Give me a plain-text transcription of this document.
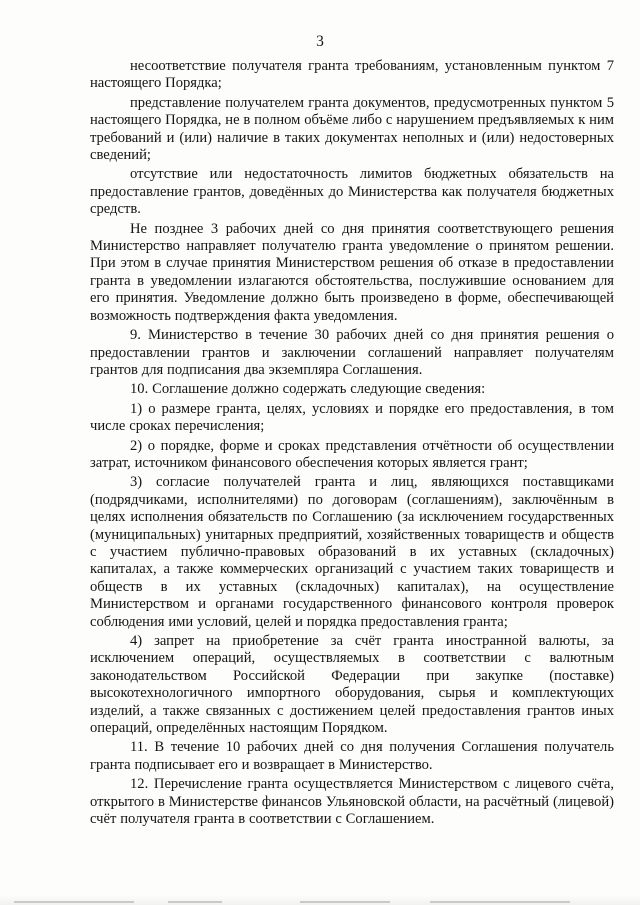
3

несоответствие получателя гранта требованиям, установленным пунктом 7 настоящего Порядка;

представление получателем гранта документов, предусмотренных пунктом 5 настоящего Порядка, не в полном объёме либо с нарушением предъявляемых к ним требований и (или) наличие в таких документах неполных и (или) недостоверных сведений;

отсутствие или недостаточность лимитов бюджетных обязательств на предоставление грантов, доведённых до Министерства как получателя бюджетных средств.

Не позднее 3 рабочих дней со дня принятия соответствующего решения Министерство направляет получателю гранта уведомление о принятом решении. При этом в случае принятия Министерством решения об отказе в предоставлении гранта в уведомлении излагаются обстоятельства, послужившие основанием для его принятия. Уведомление должно быть произведено в форме, обеспечивающей возможность подтверждения факта уведомления.

9. Министерство в течение 30 рабочих дней со дня принятия решения о предоставлении грантов и заключении соглашений направляет получателям грантов для подписания два экземпляра Соглашения.

10. Соглашение должно содержать следующие сведения:

1) о размере гранта, целях, условиях и порядке его предоставления, в том числе сроках перечисления;

2) о порядке, форме и сроках представления отчётности об осуществлении затрат, источником финансового обеспечения которых является грант;

3) согласие получателей гранта и лиц, являющихся поставщиками (подрядчиками, исполнителями) по договорам (соглашениям), заключённым в целях исполнения обязательств по Соглашению (за исключением государственных (муниципальных) унитарных предприятий, хозяйственных товариществ и обществ с участием публично-правовых образований в их уставных (складочных) капиталах, а также коммерческих организаций с участием таких товариществ и обществ в их уставных (складочных) капиталах), на осуществление Министерством и органами государственного финансового контроля проверок соблюдения ими условий, целей и порядка предоставления гранта;

4) запрет на приобретение за счёт гранта иностранной валюты, за исключением операций, осуществляемых в соответствии с валютным законодательством Российской Федерации при закупке (поставке) высокотехнологичного импортного оборудования, сырья и комплектующих изделий, а также связанных с достижением целей предоставления грантов иных операций, определённых настоящим Порядком.

11. В течение 10 рабочих дней со дня получения Соглашения получатель гранта подписывает его и возвращает в Министерство.

12. Перечисление гранта осуществляется Министерством с лицевого счёта, открытого в Министерстве финансов Ульяновской области, на расчётный (лицевой) счёт получателя гранта в соответствии с Соглашением.
